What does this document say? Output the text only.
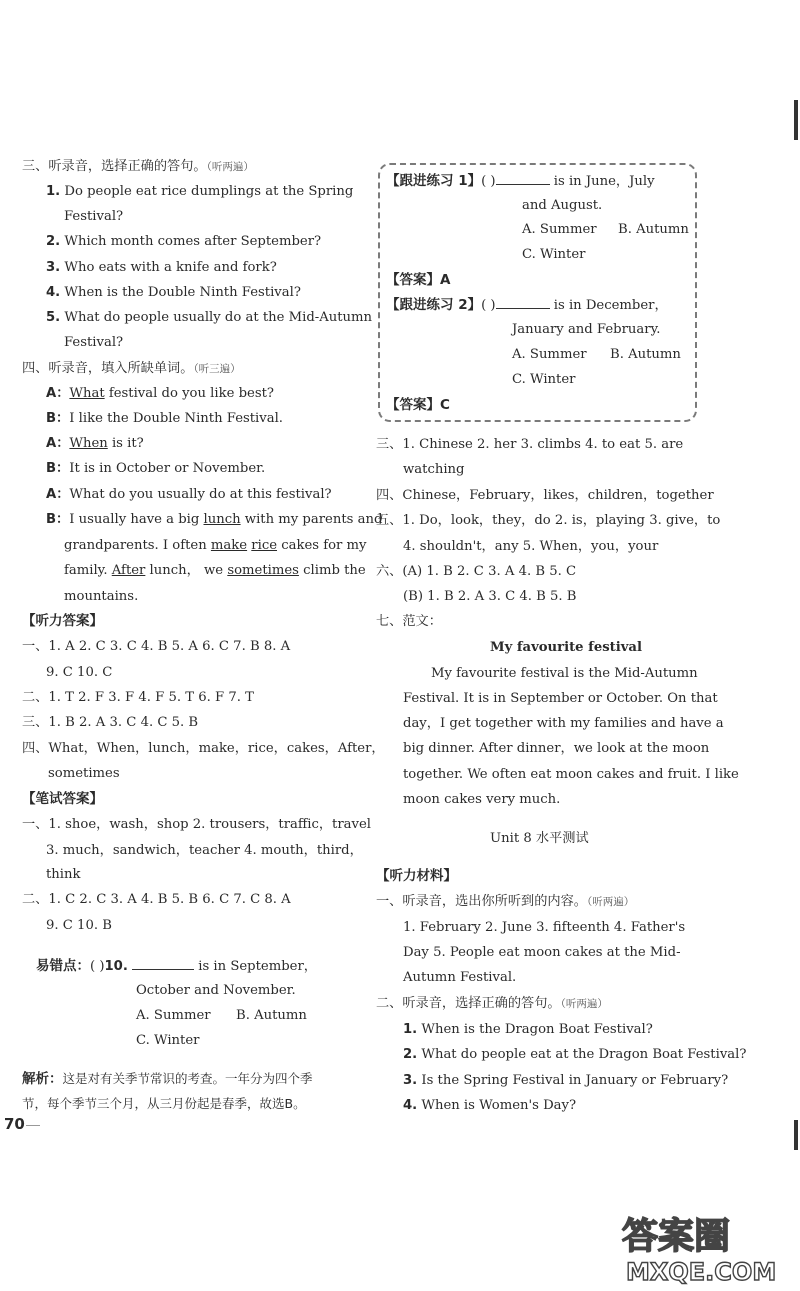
三、听录音，选择正确的答句。（听两遍）
1. Do people eat rice dumplings at the Spring
Festival?
2. Which month comes after September?
3. Who eats with a knife and fork?
4. When is the Double Ninth Festival?
5. What do people usually do at the Mid-Autumn
Festival?
四、听录音，填入所缺单词。（听三遍）
A：What festival do you like best?
B：I like the Double Ninth Festival.
A：When is it?
B：It is in October or November.
A：What do you usually do at this festival?
B：I usually have a big lunch with my parents and
grandparents. I often make rice cakes for my
family. After lunch， we sometimes climb the
mountains.
【听力答案】
一、1. A 2. C 3. C 4. B 5. A 6. C 7. B 8. A
9. C 10. C
二、1. T 2. F 3. F 4. F 5. T 6. F 7. T
三、1. B 2. A 3. C 4. C 5. B
四、What，When，lunch，make，rice，cakes，After，
sometimes
【笔试答案】
一、1. shoe，wash，shop 2. trousers，traffic，travel
3. much，sandwich，teacher 4. mouth，third，
think
二、1. C 2. C 3. A 4. B 5. B 6. C 7. C 8. A
9. C 10. B
易错点：( )10.	is in September，
October and November.
A. Summer B. Autumn
C. Winter
解析：这是对有关季节常识的考查。一年分为四个季
节，每个季节三个月，从三月份起是春季，故选B。
70
【跟进练习 1】( )	is in June，July
and August.
A. Summer B. Autumn
C. Winter
【答案】A
【跟进练习 2】( )	is in December，
January and February.
A. Summer B. Autumn
C. Winter
【答案】C
三、1. Chinese 2. her 3. climbs 4. to eat 5. are
watching
四、Chinese，February，likes，children，together
五、1. Do，look，they，do 2. is，playing 3. give，to
4. shouldn't，any 5. When，you，your
六、(A) 1. B 2. C 3. A 4. B 5. C
(B) 1. B 2. A 3. C 4. B 5. B
七、范文：
My favourite festival
My favourite festival is the Mid-Autumn
Festival. It is in September or October. On that
day，I get together with my families and have a
big dinner. After dinner，we look at the moon
together. We often eat moon cakes and fruit. I like
moon cakes very much.
Unit 8 水平测试
【听力材料】
一、听录音，选出你所听到的内容。（听两遍）
1. February 2. June 3. fifteenth 4. Father's
Day 5. People eat moon cakes at the Mid-
Autumn Festival.
二、听录音，选择正确的答句。（听两遍）
1. When is the Dragon Boat Festival?
2. What do people eat at the Dragon Boat Festival?
3. Is the Spring Festival in January or February?
4. When is Women's Day?
答案圈
MXQE.COM
